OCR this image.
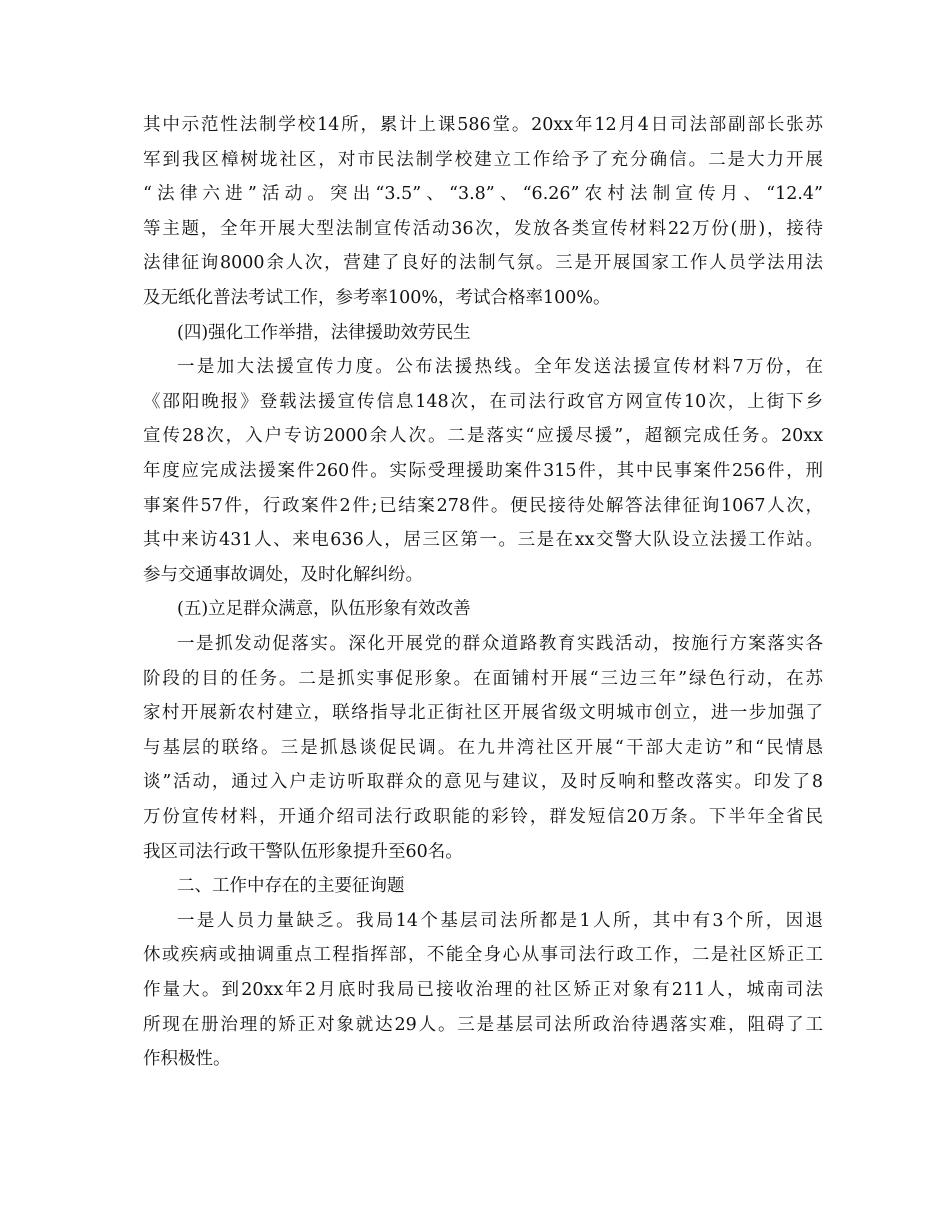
其中示范性法制学校14所，累计上课586堂。20xx年12月4日司法部副部长张苏
军到我区樟树垅社区，对市民法制学校建立工作给予了充分确信。二是大力开展
“法律六进”活动。突出“3.5”、“3.8”、“6.26”农村法制宣传月、“12.4”
等主题，全年开展大型法制宣传活动36次，发放各类宣传材料22万份(册)，接待
法律征询8000余人次，营建了良好的法制气氛。三是开展国家工作人员学法用法
及无纸化普法考试工作，参考率100%，考试合格率100%。
(四)强化工作举措，法律援助效劳民生
一是加大法援宣传力度。公布法援热线。全年发送法援宣传材料7万份，在
《邵阳晚报》登载法援宣传信息148次，在司法行政官方网宣传10次，上街下乡
宣传28次，入户专访2000余人次。二是落实“应援尽援”，超额完成任务。20xx
年度应完成法援案件260件。实际受理援助案件315件，其中民事案件256件，刑
事案件57件，行政案件2件;已结案278件。便民接待处解答法律征询1067人次，
其中来访431人、来电636人，居三区第一。三是在xx交警大队设立法援工作站。
参与交通事故调处，及时化解纠纷。
(五)立足群众满意，队伍形象有效改善
一是抓发动促落实。深化开展党的群众道路教育实践活动，按施行方案落实各
阶段的目的任务。二是抓实事促形象。在面铺村开展“三边三年”绿色行动，在苏
家村开展新农村建立，联络指导北正街社区开展省级文明城市创立，进一步加强了
与基层的联络。三是抓恳谈促民调。在九井湾社区开展“干部大走访”和“民情恳
谈”活动，通过入户走访听取群众的意见与建议，及时反响和整改落实。印发了8
万份宣传材料，开通介绍司法行政职能的彩铃，群发短信20万条。下半年全省民
我区司法行政干警队伍形象提升至60名。
二、工作中存在的主要征询题
一是人员力量缺乏。我局14个基层司法所都是1人所，其中有3个所，因退
休或疾病或抽调重点工程指挥部，不能全身心从事司法行政工作，二是社区矫正工
作量大。到20xx年2月底时我局已接收治理的社区矫正对象有211人，城南司法
所现在册治理的矫正对象就达29人。三是基层司法所政治待遇落实难，阻碍了工
作积极性。
